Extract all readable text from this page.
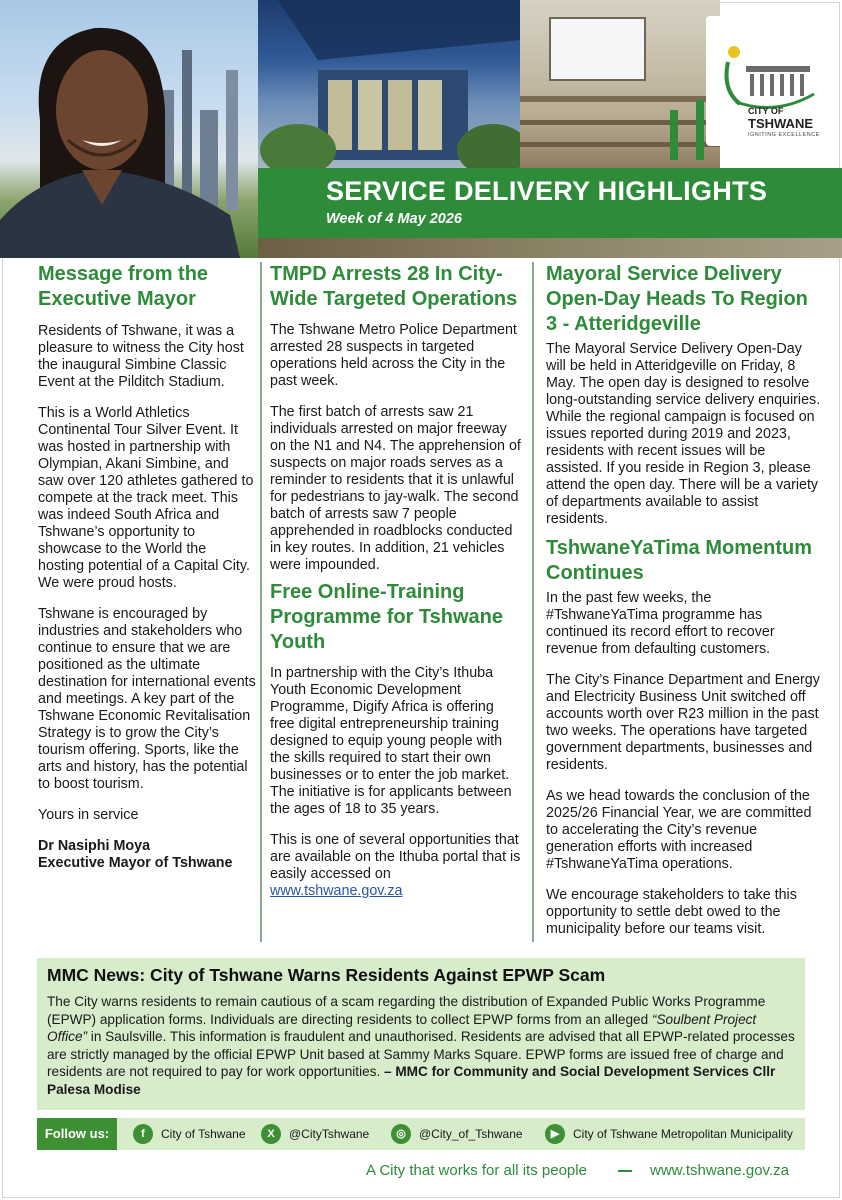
CITY OF
TSHWANE
IGNITING EXCELLENCE
SERVICE DELIVERY HIGHLIGHTS
Week of 4 May 2026
Message from the Executive Mayor
Residents of Tshwane, it was a pleasure to witness the City host the inaugural Simbine Classic Event at the Pilditch Stadium.
This is a World Athletics Continental Tour Silver Event. It was hosted in partnership with Olympian, Akani Simbine, and saw over 120 athletes gathered to compete at the track meet. This was indeed South Africa and Tshwane’s opportunity to showcase to the World the hosting potential of a Capital City. We were proud hosts.
Tshwane is encouraged by industries and stakeholders who continue to ensure that we are positioned as the ultimate destination for international events and meetings. A key part of the Tshwane Economic Revitalisation Strategy is to grow the City’s tourism offering. Sports, like the arts and history, has the potential to boost tourism.
Yours in service
Dr Nasiphi Moya
Executive Mayor of Tshwane
TMPD Arrests 28 In City-Wide Targeted Operations
The Tshwane Metro Police Department arrested 28 suspects in targeted operations held across the City in the past week.
The first batch of arrests saw 21 individuals arrested on major freeway on the N1 and N4. The apprehension of suspects on major roads serves as a reminder to residents that it is unlawful for pedestrians to jay-walk. The second batch of arrests saw 7 people apprehended in roadblocks conducted in key routes. In addition, 21 vehicles were impounded.
Free Online-Training Programme for Tshwane Youth
In partnership with the City’s Ithuba Youth Economic Development Programme, Digify Africa is offering free digital entrepreneurship training designed to equip young people with the skills required to start their own businesses or to enter the job market. The initiative is for applicants between the ages of 18 to 35 years.
This is one of several opportunities that are available on the Ithuba portal that is easily accessed on
www.tshwane.gov.za
Mayoral Service Delivery Open-Day Heads To Region 3 - Atteridgeville
The Mayoral Service Delivery Open-Day will be held in Atteridgeville on Friday, 8 May. The open day is designed to resolve long-outstanding service delivery enquiries. While the regional campaign is focused on issues reported during 2019 and 2023, residents with recent issues will be assisted. If you reside in Region 3, please attend the open day. There will be a variety of departments available to assist residents.
TshwaneYaTima Momentum Continues
In the past few weeks, the #TshwaneYaTima programme has continued its record effort to recover revenue from defaulting customers.
The City’s Finance Department and Energy and Electricity Business Unit switched off accounts worth over R23 million in the past two weeks. The operations have targeted government departments, businesses and residents.
As we head towards the conclusion of the 2025/26 Financial Year, we are committed to accelerating the City’s revenue generation efforts with increased #TshwaneYaTima operations.
We encourage stakeholders to take this opportunity to settle debt owed to the municipality before our teams visit.
MMC News: City of Tshwane Warns Residents Against EPWP Scam
The City warns residents to remain cautious of a scam regarding the distribution of Expanded Public Works Programme (EPWP) application forms. Individuals are directing residents to collect EPWP forms from an alleged “Soulbent Project Office” in Saulsville. This information is fraudulent and unauthorised. Residents are advised that all EPWP-related processes are strictly managed by the official EPWP Unit based at Sammy Marks Square. EPWP forms are issued free of charge and residents are not required to pay for work opportunities. – MMC for Community and Social Development Services Cllr Palesa Modise
Follow us:	f	City of Tshwane	X	@CityTshwane	◎	@City_of_Tshwane	▶	City of Tshwane Metropolitan Municipality
A City that works for all its people	www.tshwane.gov.za
